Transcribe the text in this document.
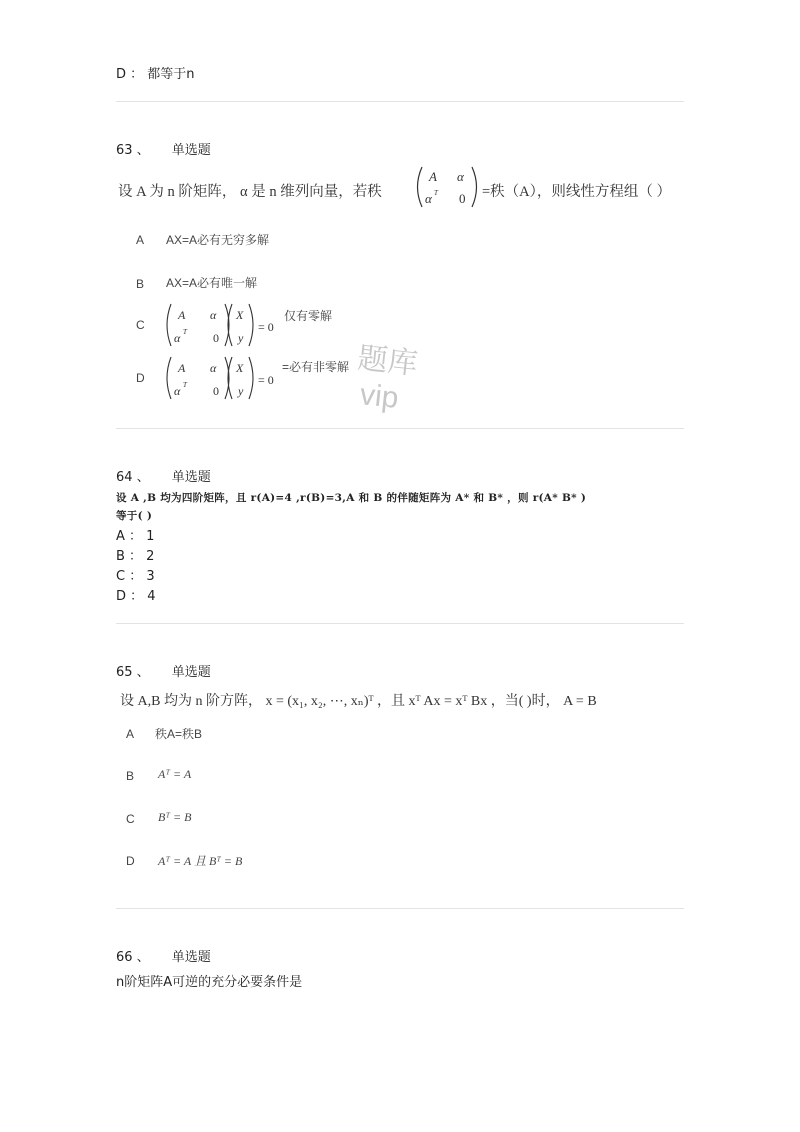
D ： 都等于n
63 、 单选题
设 A 为 n 阶矩阵， α 是 n 维列向量，若秩
A α
α T 0 =秩（A），则线性方程组（ ）
A AX=A必有无穷多解
B AX=A必有唯一解
C
A α
α T 0
X
y
= 0
仅有零解
D
A α
α T 0
X
y
= 0
=必有非零解 题库
vip
64 、 单选题
设 A ,B 均为四阶矩阵，且 r(A)=4 ,r(B)=3,A 和 B 的伴随矩阵为 A* 和 B* ，则 r(A* B* )
等于( )
A ： 1
B ： 2
C ： 3
D ： 4
65 、 单选题
设 A,B 均为 n 阶方阵， x = (x₁, x₂, ⋯, xₙ)ᵀ ，且 xᵀ Ax = xᵀ Bx ，当( )时， A = B
A 秩A=秩B
B Aᵀ = A
C Bᵀ = B
D Aᵀ = A 且 Bᵀ = B
66 、 单选题
n阶矩阵A可逆的充分必要条件是
